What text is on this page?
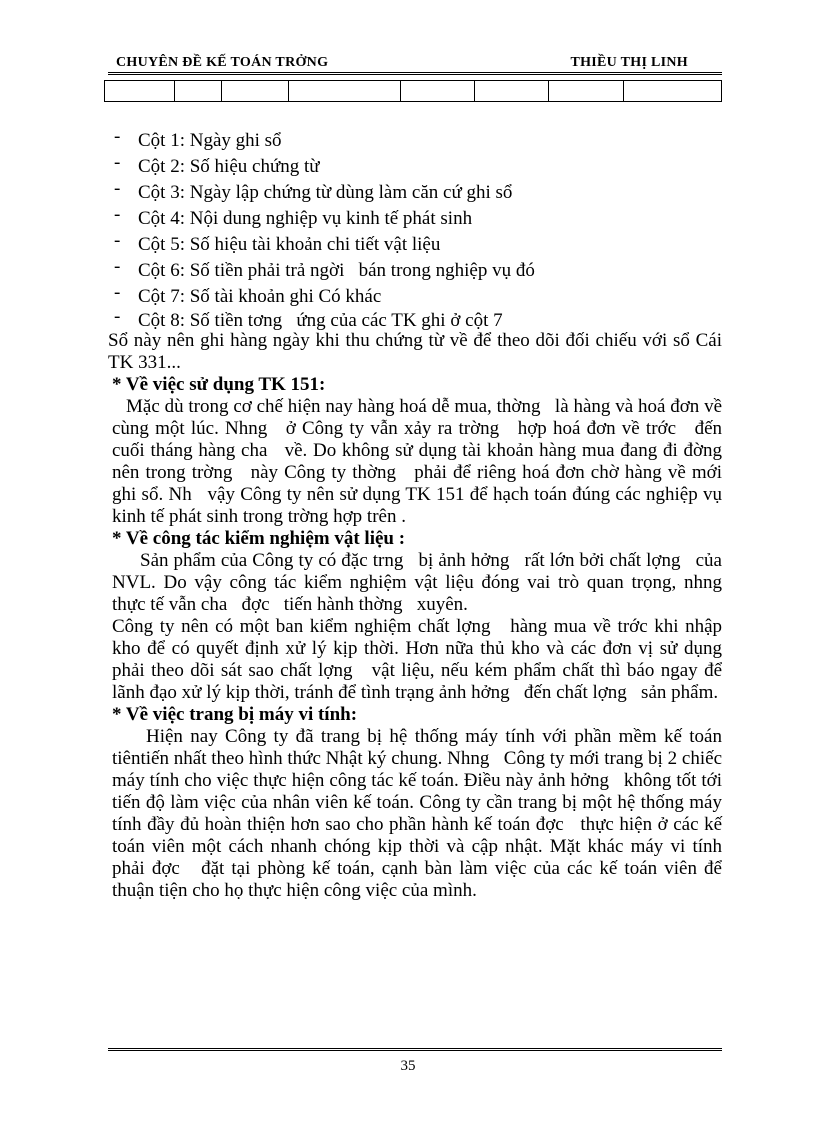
CHUYÊN ĐỀ KẾ TOÁN TRỞNG	THIỀU THỊ LINH

- Cột 1: Ngày ghi sổ
- Cột 2: Số hiệu chứng từ
- Cột 3: Ngày lập chứng từ dùng làm căn cứ ghi sổ
- Cột 4: Nội dung nghiệp vụ kinh tế phát sinh
- Cột 5: Số hiệu tài khoản chi tiết vật liệu
- Cột 6: Số tiền phải trả ngời   bán trong nghiệp vụ đó
- Cột 7: Số tài khoản ghi Có khác
- Cột 8: Số tiền tơng   ứng của các TK ghi ở cột 7

Sổ này nên ghi hàng ngày khi thu chứng từ về để theo dõi đối chiếu với sổ Cái TK 331...

* Về việc sử dụng TK 151:

Mặc dù trong cơ chế hiện nay hàng hoá dễ mua, thờng   là hàng và hoá đơn về cùng một lúc. Nhng   ở Công ty vẫn xảy ra trờng   hợp hoá đơn về trớc   đến cuối tháng hàng cha   về. Do không sử dụng tài khoản hàng mua đang đi đờng   nên trong trờng   này Công ty thờng   phải để riêng hoá đơn chờ hàng về mới ghi sổ. Nh   vậy Công ty nên sử dụng TK 151 để hạch toán đúng các nghiệp vụ kinh tế phát sinh trong trờng hợp trên .

* Về công tác kiểm nghiệm vật liệu :

Sản phẩm của Công ty có đặc trng   bị ảnh hởng   rất lớn bởi chất lợng   của NVL. Do vậy công tác kiểm nghiệm vật liệu đóng vai trò quan trọng, nhng   thực tế vẫn cha   đợc   tiến hành thờng   xuyên.

Công ty nên có một ban kiểm nghiệm chất lợng   hàng mua về trớc khi nhập kho để có quyết định xử lý kịp thời. Hơn nữa thủ kho và các đơn vị sử dụng phải theo dõi sát sao chất lợng   vật liệu, nếu kém phẩm chất thì báo ngay để lãnh đạo xử lý kịp thời, tránh để tình trạng ảnh hởng   đến chất lợng   sản phẩm.

* Về việc trang bị máy vi tính:

Hiện nay Công ty đã trang bị hệ thống máy tính với phần mềm kế toán tiêntiến nhất theo hình thức Nhật ký chung. Nhng   Công ty mới trang bị 2 chiếc máy tính cho việc thực hiện công tác kế toán. Điều này ảnh hởng   không tốt tới tiến độ làm việc của nhân viên kế toán. Công ty cần trang bị một hệ thống máy tính đầy đủ hoàn thiện hơn sao cho phần hành kế toán đợc   thực hiện ở các kế toán viên một cách nhanh chóng kịp thời và cập nhật. Mặt khác máy vi tính phải đợc   đặt tại phòng kế toán, cạnh bàn làm việc của các kế toán viên để thuận tiện cho họ thực hiện công việc của mình.

35
